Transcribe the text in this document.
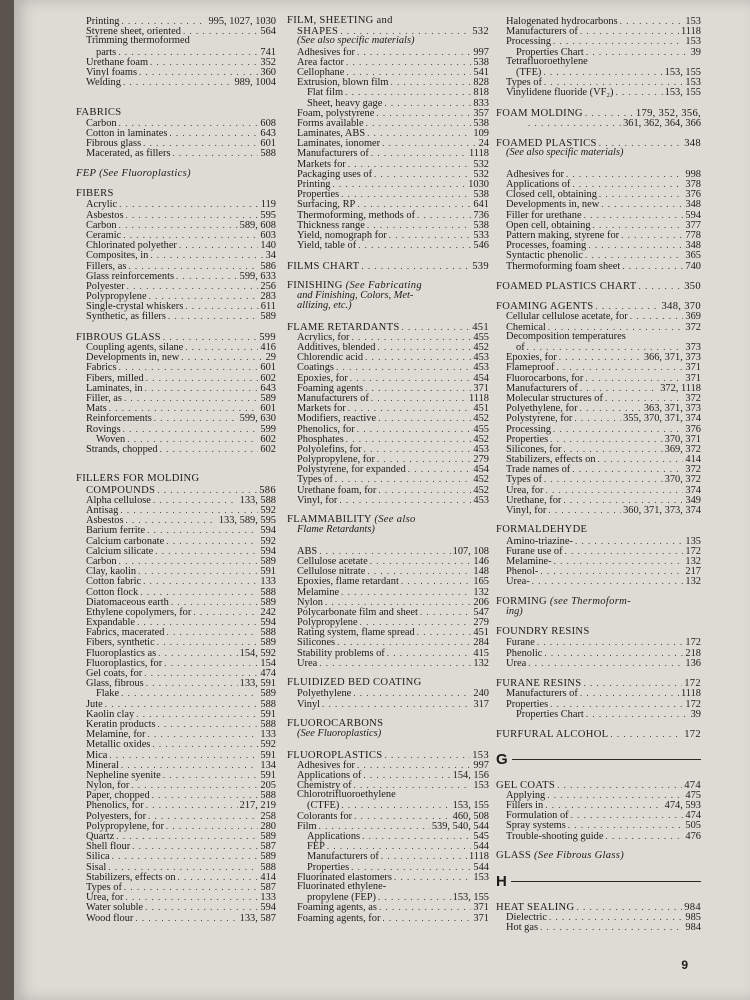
Printing . . .	995, 1027, 1030
Styrene sheet, oriented . . .	564
Trimming thermoformed
parts . . .	741
Urethane foam . . .	352
Vinyl foams . . .	360
Welding . . .	989, 1004
FABRICS
Carbon . . .	608
Cotton in laminates . . .	643
Fibrous glass . . .	601
Macerated, as fillers . . .	588
FEP (See Fluoroplastics)
FIBERS
Acrylic . . .	119
Asbestos . . .	595
Carbon . . .	589, 608
Ceramic . . .	603
Chlorinated polyether . . .	140
Composites, in . . .	34
Fillers, as . . .	586
Glass reinforcements . . .	599, 633
Polyester . . .	256
Polypropylene . . .	283
Single-crystal whiskers . . .	611
Synthetic, as fillers . . .	589
FIBROUS GLASS . . .	599
Coupling agents, silane . . .	416
Developments in, new . . .	29
Fabrics . . .	601
Fibers, milled . . .	602
Laminates, in . . .	643
Filler, as . . .	589
Mats . . .	601
Reinforcements . . .	599, 630
Rovings . . .	599
Woven . . .	602
Strands, chopped . . .	602
FILLERS FOR MOLDING
COMPOUNDS . . .	586
Alpha cellulose . . .	133, 588
Antisag . . .	592
Asbestos . . .	133, 589, 595
Barium ferrite . . .	594
Calcium carbonate . . .	592
Calcium silicate . . .	594
Carbon . . .	589
Clay, kaolin . . .	591
Cotton fabric . . .	133
Cotton flock . . .	588
Diatomaceous earth . . .	589
Ethylene copolymers, for . . .	242
Expandable . . .	594
Fabrics, macerated . . .	588
Fibers, synthetic . . .	589
Fluoroplastics as . . .	154, 592
Fluoroplastics, for . . .	154
Gel coats, for . . .	474
Glass, fibrous . . .	133, 591
Flake . . .	589
Jute . . .	588
Kaolin clay . . .	591
Keratin products . . .	588
Melamine, for . . .	133
Metallic oxides . . .	592
Mica . . .	591
Mineral . . .	134
Nepheline syenite . . .	591
Nylon, for . . .	205
Paper, chopped . . .	588
Phenolics, for . . .	217, 219
Polyesters, for . . .	258
Polypropylene, for . . .	280
Quartz . . .	589
Shell flour . . .	587
Silica . . .	589
Sisal . . .	588
Stabilizers, effects on . . .	414
Types of . . .	587
Urea, for . . .	133
Water soluble . . .	594
Wood flour . . .	133, 587
FILM, SHEETING and
SHAPES . . .	532
(See also specific materials)
Adhesives for . . .	997
Area factor . . .	538
Cellophane . . .	541
Extrusion, blown film . . .	828
Flat film . . .	818
Sheet, heavy gage . . .	833
Foam, polystyrene . . .	357
Forms available . . .	538
Laminates, ABS . . .	109
Laminates, ionomer . . .	24
Manufacturers of . . .	1118
Markets for . . .	532
Packaging uses of . . .	532
Printing . . .	1030
Properties . . .	538
Surfacing, RP . . .	641
Thermoforming, methods of . . .	736
Thickness range . . .	538
Yield, nomograph for . . .	533
Yield, table of . . .	546
FILMS CHART . . .	539
FINISHING (See Fabricating
and Finishing, Colors, Met-
allizing, etc.)
FLAME RETARDANTS . . .	451
Acrylics, for . . .	455
Additives, blended . . .	452
Chlorendic acid . . .	453
Coatings . . .	453
Epoxies, for . . .	454
Foaming agents . . .	371
Manufacturers of . . .	1118
Markets for . . .	451
Modifiers, reactive . . .	452
Phenolics, for . . .	455
Phosphates . . .	452
Polyolefins, for . . .	453
Polypropylene, for . . .	279
Polystyrene, for expanded . . .	454
Types of . . .	452
Urethane foam, for . . .	452
Vinyl, for . . .	453
FLAMMABILITY (See also
Flame Retardants)
ABS . . .	107, 108
Cellulose acetate . . .	146
Cellulose nitrate . . .	148
Epoxies, flame retardant . . .	165
Melamine . . .	132
Nylon . . .	206
Polycarbonate film and sheet . . .	547
Polypropylene . . .	279
Rating system, flame spread . . .	451
Silicones . . .	284
Stability problems of . . .	415
Urea . . .	132
FLUIDIZED BED COATING
Polyethylene . . .	240
Vinyl . . .	317
FLUOROCARBONS
(See Fluoroplastics)
FLUOROPLASTICS . . .	153
Adhesives for . . .	997
Applications of . . .	154, 156
Chemistry of . . .	153
Chlorotrifluoroethylene
(CTFE) . . .	153, 155
Colorants for . . .	460, 508
Film . . .	539, 540, 544
Applications . . .	545
FEP . . .	544
Manufacturers of . . .	1118
Properties . . .	544
Fluorinated elastomers . . .	153
Fluorinated ethylene-
propylene (FEP) . . .	153, 155
Foaming agents, as . . .	371
Foaming agents, for . . .	371
Halogenated hydrocarbons . . .	153
Manufacturers of . . .	1118
Processing . . .	153
Properties Chart . . .	39
Tetrafluoroethylene
(TFE) . . .	153, 155
Types of . . .	153
Vinylidene fluoride (VF₂) . . .	153, 155
FOAM MOLDING . . .	179, 352, 356,
. . .
361, 362, 364, 366
FOAMED PLASTICS . . .	348
(See also specific materials)
Adhesives for . . .	998
Applications of . . .	378
Closed cell, obtaining . . .	376
Developments in, new . . .	348
Filler for urethane . . .	594
Open cell, obtaining . . .	377
Pattern making, styrene for . . .	778
Processes, foaming . . .	348
Syntactic phenolic . . .	365
Thermoforming foam sheet . . .	740
FOAMED PLASTICS CHART . . .	350
FOAMING AGENTS . . .	348, 370
Cellular cellulose acetate, for . . .	369
Chemical . . .	372
Decomposition temperatures
of . . .	373
Epoxies, for . . .	366, 371, 373
Flameproof . . .	371
Fluorocarbons, for . . .	371
Manufacturers of . . .	372, 1118
Molecular structures of . . .	372
Polyethylene, for . . .	363, 371, 373
Polystyrene, for . . .	355, 370, 371, 374
Processing . . .	376
Properties . . .	370, 371
Silicones, for . . .	369, 372
Stabilizers, effects on . . .	414
Trade names of . . .	372
Types of . . .	370, 372
Urea, for . . .	374
Urethane, for . . .	349
Vinyl, for . . .	360, 371, 373, 374
FORMALDEHYDE
Amino-triazine- . . .	135
Furane use of . . .	172
Melamine- . . .	132
Phenol- . . .	217
Urea- . . .	132
FORMING (see Thermoform-
ing)
FOUNDRY RESINS
Furane . . .	172
Phenolic . . .	218
Urea . . .	136
FURANE RESINS . . .	172
Manufacturers of . . .	1118
Properties . . .	172
Properties Chart . . .	39
FURFURAL ALCOHOL . . .	172
G
GEL COATS . . .	474
Applying . . .	475
Fillers in . . .	474, 593
Formulation of . . .	474
Spray systems . . .	505
Trouble-shooting guide . . .	476
GLASS (See Fibrous Glass)
H
HEAT SEALING . . .	984
Dielectric . . .	985
Hot gas . . .	984
9
